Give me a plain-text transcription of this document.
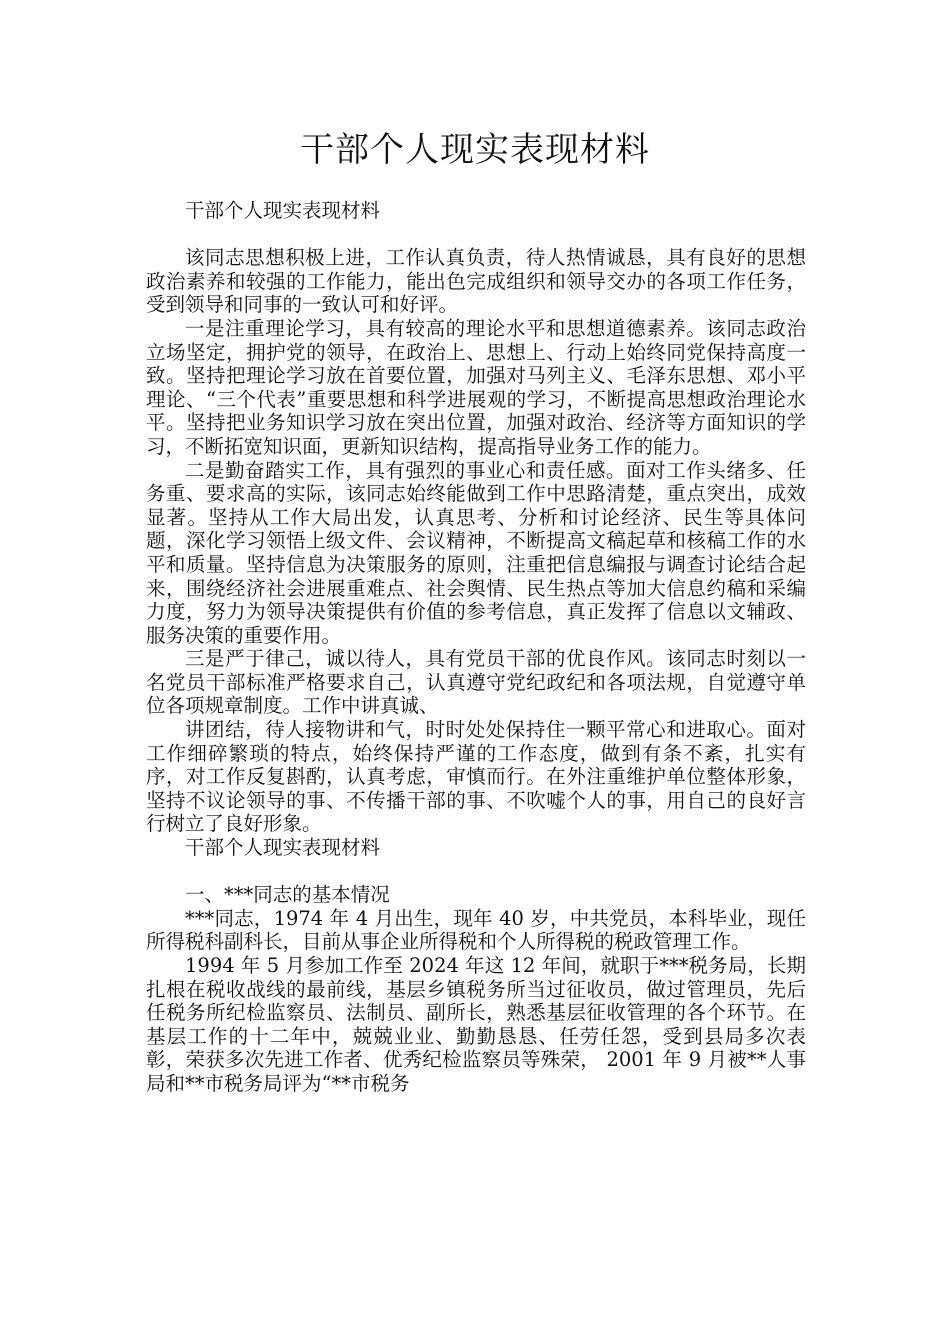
干部个人现实表现材料

干部个人现实表现材料

该同志思想积极上进，工作认真负责，待人热情诚恳，具有良好的思想政治素养和较强的工作能力，能出色完成组织和领导交办的各项工作任务，受到领导和同事的一致认可和好评。

一是注重理论学习，具有较高的理论水平和思想道德素养。该同志政治立场坚定，拥护党的领导，在政治上、思想上、行动上始终同党保持高度一致。坚持把理论学习放在首要位置，加强对马列主义、毛泽东思想、邓小平理论、“三个代表”重要思想和科学进展观的学习，不断提高思想政治理论水平。坚持把业务知识学习放在突出位置，加强对政治、经济等方面知识的学习，不断拓宽知识面，更新知识结构，提高指导业务工作的能力。

二是勤奋踏实工作，具有强烈的事业心和责任感。面对工作头绪多、任务重、要求高的实际，该同志始终能做到工作中思路清楚，重点突出，成效显著。坚持从工作大局出发，认真思考、分析和讨论经济、民生等具体问题，深化学习领悟上级文件、会议精神，不断提高文稿起草和核稿工作的水平和质量。坚持信息为决策服务的原则，注重把信息编报与调查讨论结合起来，围绕经济社会进展重难点、社会舆情、民生热点等加大信息约稿和采编力度，努力为领导决策提供有价值的参考信息，真正发挥了信息以文辅政、服务决策的重要作用。

三是严于律己，诚以待人，具有党员干部的优良作风。该同志时刻以一名党员干部标准严格要求自己，认真遵守党纪政纪和各项法规，自觉遵守单位各项规章制度。工作中讲真诚、

讲团结，待人接物讲和气，时时处处保持住一颗平常心和进取心。面对工作细碎繁琐的特点，始终保持严谨的工作态度，做到有条不紊，扎实有序，对工作反复斟酌，认真考虑，审慎而行。在外注重维护单位整体形象，坚持不议论领导的事、不传播干部的事、不吹嘘个人的事，用自己的良好言行树立了良好形象。

干部个人现实表现材料

一、***同志的基本情况

***同志，1974 年 4 月出生，现年 40 岁，中共党员，本科毕业，现任所得税科副科长，目前从事企业所得税和个人所得税的税政管理工作。

1994 年 5 月参加工作至 2024 年这 12 年间，就职于***税务局，长期扎根在税收战线的最前线，基层乡镇税务所当过征收员，做过管理员，先后任税务所纪检监察员、法制员、副所长，熟悉基层征收管理的各个环节。在基层工作的十二年中，兢兢业业、勤勤恳恳、任劳任怨，受到县局多次表彰，荣获多次先进工作者、优秀纪检监察员等殊荣， 2001 年 9 月被**人事局和**市税务局评为“**市税务
